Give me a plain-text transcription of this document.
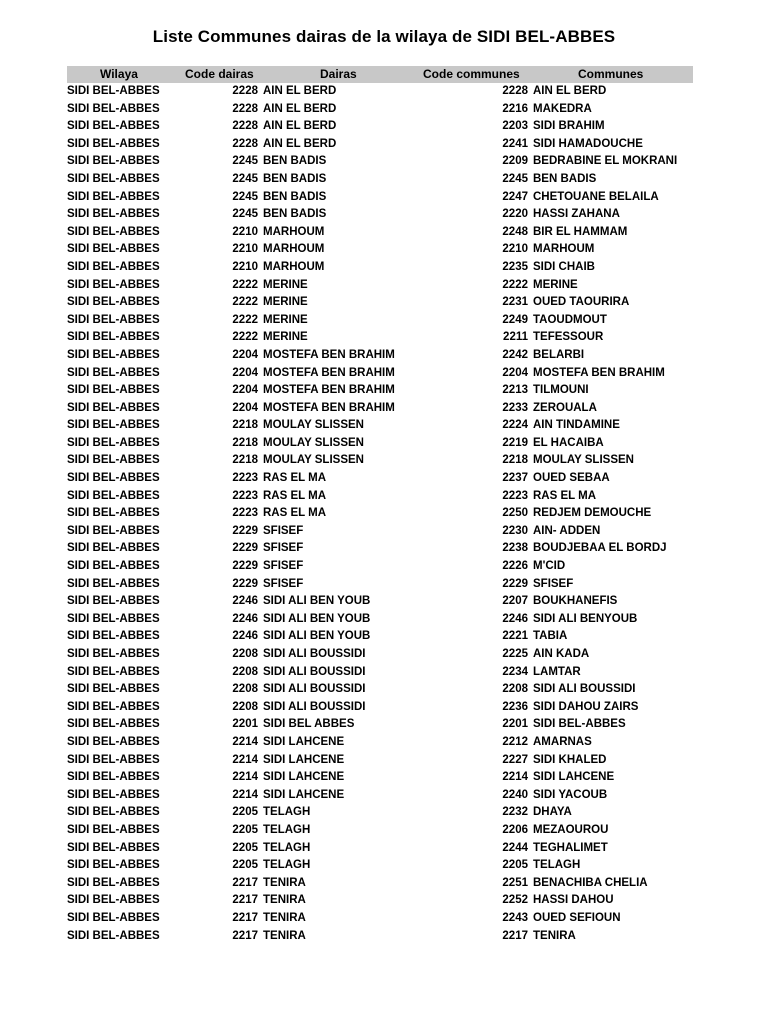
Liste Communes dairas de la wilaya de SIDI BEL-ABBES
Wilaya	Code dairas	Dairas	Code communes	Communes
SIDI BEL-ABBES	2228 AIN EL BERD	2228 AIN EL BERD
SIDI BEL-ABBES	2228 AIN EL BERD	2216 MAKEDRA
SIDI BEL-ABBES	2228 AIN EL BERD	2203 SIDI BRAHIM
SIDI BEL-ABBES	2228 AIN EL BERD	2241 SIDI HAMADOUCHE
SIDI BEL-ABBES	2245 BEN BADIS	2209 BEDRABINE EL MOKRANI
SIDI BEL-ABBES	2245 BEN BADIS	2245 BEN BADIS
SIDI BEL-ABBES	2245 BEN BADIS	2247 CHETOUANE BELAILA
SIDI BEL-ABBES	2245 BEN BADIS	2220 HASSI ZAHANA
SIDI BEL-ABBES	2210 MARHOUM	2248 BIR EL HAMMAM
SIDI BEL-ABBES	2210 MARHOUM	2210 MARHOUM
SIDI BEL-ABBES	2210 MARHOUM	2235 SIDI CHAIB
SIDI BEL-ABBES	2222 MERINE	2222 MERINE
SIDI BEL-ABBES	2222 MERINE	2231 OUED TAOURIRA
SIDI BEL-ABBES	2222 MERINE	2249 TAOUDMOUT
SIDI BEL-ABBES	2222 MERINE	2211 TEFESSOUR
SIDI BEL-ABBES	2204 MOSTEFA BEN BRAHIM	2242 BELARBI
SIDI BEL-ABBES	2204 MOSTEFA BEN BRAHIM	2204 MOSTEFA BEN BRAHIM
SIDI BEL-ABBES	2204 MOSTEFA BEN BRAHIM	2213 TILMOUNI
SIDI BEL-ABBES	2204 MOSTEFA BEN BRAHIM	2233 ZEROUALA
SIDI BEL-ABBES	2218 MOULAY SLISSEN	2224 AIN TINDAMINE
SIDI BEL-ABBES	2218 MOULAY SLISSEN	2219 EL HACAIBA
SIDI BEL-ABBES	2218 MOULAY SLISSEN	2218 MOULAY SLISSEN
SIDI BEL-ABBES	2223 RAS EL MA	2237 OUED SEBAA
SIDI BEL-ABBES	2223 RAS EL MA	2223 RAS EL MA
SIDI BEL-ABBES	2223 RAS EL MA	2250 REDJEM DEMOUCHE
SIDI BEL-ABBES	2229 SFISEF	2230 AIN- ADDEN
SIDI BEL-ABBES	2229 SFISEF	2238 BOUDJEBAA EL BORDJ
SIDI BEL-ABBES	2229 SFISEF	2226 M'CID
SIDI BEL-ABBES	2229 SFISEF	2229 SFISEF
SIDI BEL-ABBES	2246 SIDI ALI BEN YOUB	2207 BOUKHANEFIS
SIDI BEL-ABBES	2246 SIDI ALI BEN YOUB	2246 SIDI ALI BENYOUB
SIDI BEL-ABBES	2246 SIDI ALI BEN YOUB	2221 TABIA
SIDI BEL-ABBES	2208 SIDI ALI BOUSSIDI	2225 AIN KADA
SIDI BEL-ABBES	2208 SIDI ALI BOUSSIDI	2234 LAMTAR
SIDI BEL-ABBES	2208 SIDI ALI BOUSSIDI	2208 SIDI ALI BOUSSIDI
SIDI BEL-ABBES	2208 SIDI ALI BOUSSIDI	2236 SIDI DAHOU ZAIRS
SIDI BEL-ABBES	2201 SIDI BEL ABBES	2201 SIDI BEL-ABBES
SIDI BEL-ABBES	2214 SIDI LAHCENE	2212 AMARNAS
SIDI BEL-ABBES	2214 SIDI LAHCENE	2227 SIDI KHALED
SIDI BEL-ABBES	2214 SIDI LAHCENE	2214 SIDI LAHCENE
SIDI BEL-ABBES	2214 SIDI LAHCENE	2240 SIDI YACOUB
SIDI BEL-ABBES	2205 TELAGH	2232 DHAYA
SIDI BEL-ABBES	2205 TELAGH	2206 MEZAOUROU
SIDI BEL-ABBES	2205 TELAGH	2244 TEGHALIMET
SIDI BEL-ABBES	2205 TELAGH	2205 TELAGH
SIDI BEL-ABBES	2217 TENIRA	2251 BENACHIBA CHELIA
SIDI BEL-ABBES	2217 TENIRA	2252 HASSI DAHOU
SIDI BEL-ABBES	2217 TENIRA	2243 OUED SEFIOUN
SIDI BEL-ABBES	2217 TENIRA	2217 TENIRA
